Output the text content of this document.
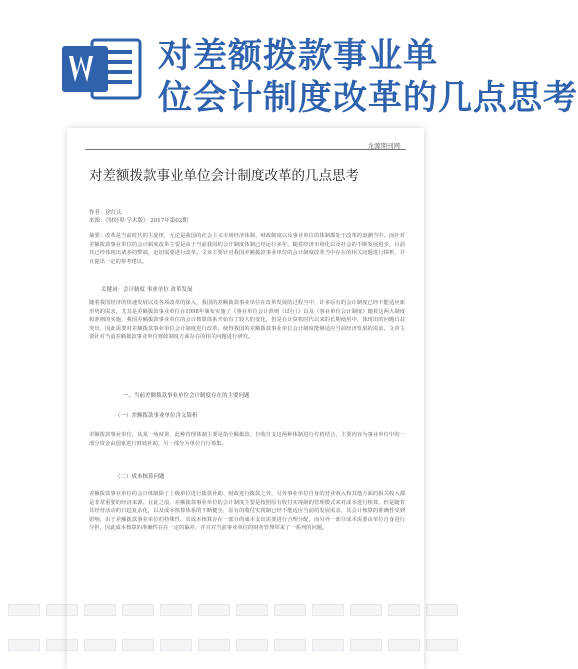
对差额拨款事业单
位会计制度改革的几点思考
龙源期刊网
对差额拨款事业单位会计制度改革的几点思考
作者：徐红庆
来源：《财经界·学术版》 2017年第02期
摘要：改革是当前时代的主旋律，无论是我国的社会主义市场经济体制、财政制度以及事业单位的体制都处于改革的浪潮当中。而针对差额拨款事业单位的会计制度改革主要是由于当前我国的会计制度体制已经运行多年，随着经济市场化以及社会的不断发展进步，目前其已经体现出诸多的弊端，迫切需要进行改革。文章主要针对我国差额拨款事业单位的会计制度改革当中存在的相关问题进行探析，并且提出一定的参考建议。
关键词：会计制度 事业单位 改革发展
随着我国经济的快速发展以及各项改革的深入，我国的差额拨款事业单位在改革发展的过程当中，许多原有的会计制度已经不能适应新形势的需求，尤其是差额拨款事业单位在1998年颁布实施了《事业单位会计准则（试行）》以及《事业单位会计制度》随着这两大制度和准则的实施，我国差额拨款事业单位的会计核算体系开始有了较大的变化，但是在计算机时代以来的长期使用中，体现出的问题日益突出，因此需要对差额拨款事业单位会计制度进行改革，使得我国的差额拨款事业单位会计制度能够适应当前经济发展的需求。文章主要针对当前差额拨款事业单位财政制度方面存在的相关问题进行研究。
一、当前差额拨款事业单位会计制度存在的主要问题
（一）差额拨款事业单位含义简析
差额拨款事业单位，从某一角度讲，此种管理体制主要是指全额拨款、自收自支这两种体制进行有机结合，主要内容为事业单位中的一部分资金由国家进行财政补助，另一部分为单位自行筹集。
（二）成本核算问题
差额拨款事业单位的会计体制除了上级单位进行拨款补助、财政进行拨款之外，另外事业单位自身的营业收入和其他方面的相关收入都是非常重要的经济来源。在此之前，差额拨款事业单位的会计制度主要是按照原有收付实现制的管理模式来对成本进行核算，但是随着其经营活动的日趋复杂化，以及成本核算体系的不断健全，原有的收付实现制已经不能适应当前的发展需求，其会计核算的准确性受到影响，由于差额拨款事业单位的特殊性，其成本核算存在一部分的成本支出需要进行合理分配，而另外一部分成本需要由单位自身进行分担，因此成本核算的准确性存在一定的偏差，并且对当前事业单位的财务管理带来了一系列的问题。
